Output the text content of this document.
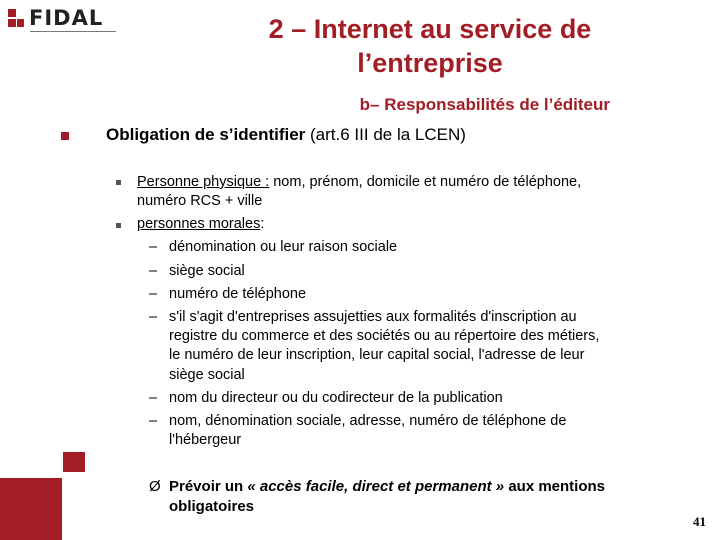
FIDAL	2 – Internet au service de l’entreprise
b– Responsabilités de l’éditeur
Obligation de s’identifier (art.6 III de la LCEN)
Personne physique : nom, prénom, domicile et numéro de téléphone,
numéro RCS + ville
personnes morales:
– dénomination ou leur raison sociale
– siège social
– numéro de téléphone
– s'il s'agit d'entreprises assujetties aux formalités d'inscription au
registre du commerce et des sociétés ou au répertoire des métiers,
le numéro de leur inscription, leur capital social, l'adresse de leur
siège social
– nom du directeur ou du codirecteur de la publication
– nom, dénomination sociale, adresse, numéro de téléphone de
l'hébergeur
Ø Prévoir un « accès facile, direct et permanent » aux mentions
obligatoires
41
